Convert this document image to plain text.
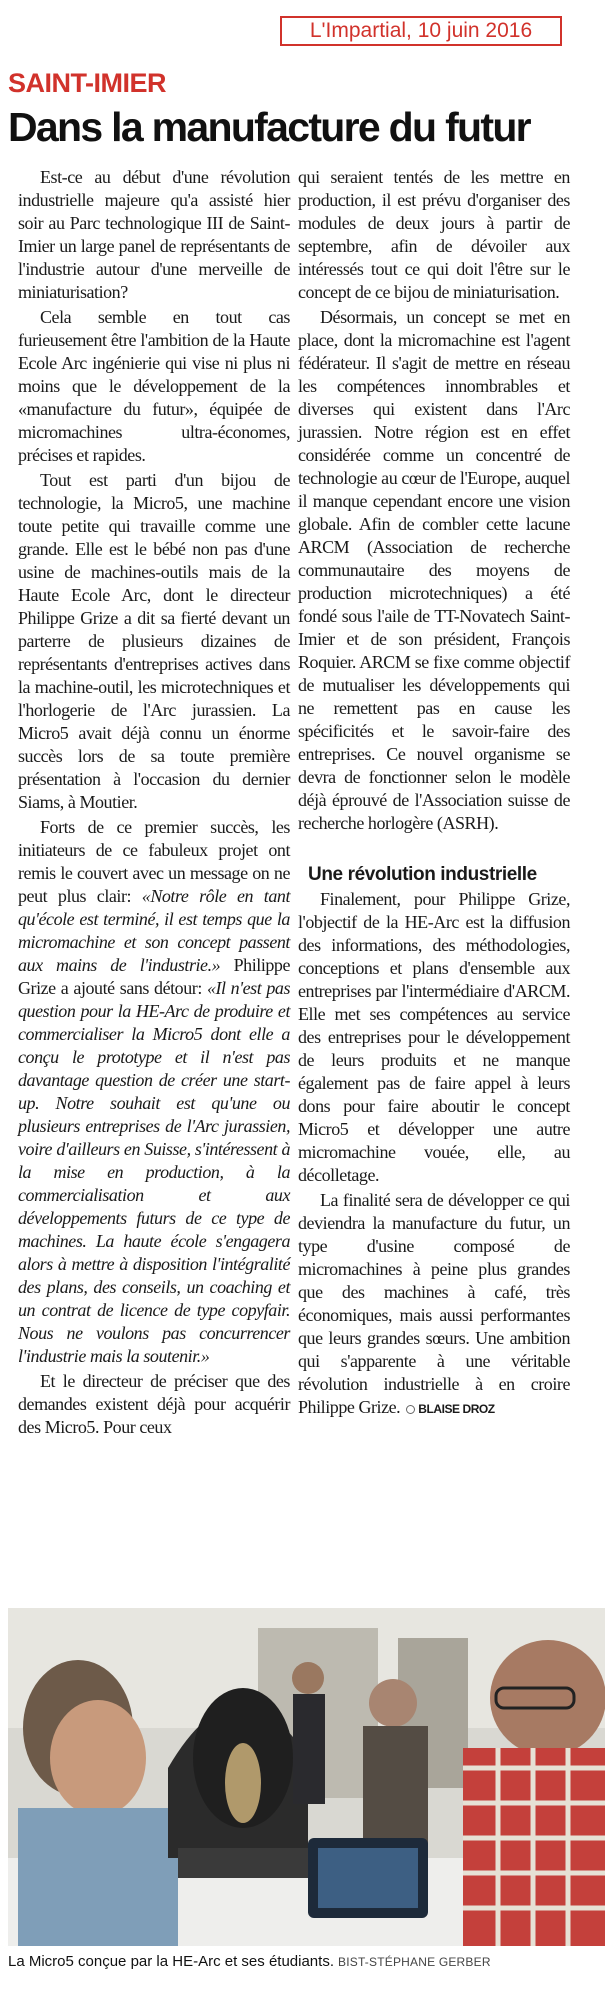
L'Impartial, 10 juin 2016
SAINT-IMIER
Dans la manufacture du futur

Est-ce au début d'une révolution industrielle majeure qu'a assisté hier soir au Parc technologique III de Saint-Imier un large panel de représentants de l'industrie autour d'une merveille de miniaturisation?

Cela semble en tout cas furieusement être l'ambition de la Haute Ecole Arc ingénierie qui vise ni plus ni moins que le développement de la «manufacture du futur», équipée de micromachines ultra-économes, précises et rapides.

Tout est parti d'un bijou de technologie, la Micro5, une machine toute petite qui travaille comme une grande. Elle est le bébé non pas d'une usine de machines-outils mais de la Haute Ecole Arc, dont le directeur Philippe Grize a dit sa fierté devant un parterre de plusieurs dizaines de représentants d'entreprises actives dans la machine-outil, les microtechniques et l'horlogerie de l'Arc jurassien. La Micro5 avait déjà connu un énorme succès lors de sa toute première présentation à l'occasion du dernier Siams, à Moutier.

Forts de ce premier succès, les initiateurs de ce fabuleux projet ont remis le couvert avec un message on ne peut plus clair: «Notre rôle en tant qu'école est terminé, il est temps que la micromachine et son concept passent aux mains de l'industrie.» Philippe Grize a ajouté sans détour: «Il n'est pas question pour la HE-Arc de produire et commercialiser la Micro5 dont elle a conçu le prototype et il n'est pas davantage question de créer une start-up. Notre souhait est qu'une ou plusieurs entreprises de l'Arc jurassien, voire d'ailleurs en Suisse, s'intéressent à la mise en production, à la commercialisation et aux développements futurs de ce type de machines. La haute école s'engagera alors à mettre à disposition l'intégralité des plans, des conseils, un coaching et un contrat de licence de type copyfair. Nous ne voulons pas concurrencer l'industrie mais la soutenir.»

Et le directeur de préciser que des demandes existent déjà pour acquérir des Micro5. Pour ceux

qui seraient tentés de les mettre en production, il est prévu d'organiser des modules de deux jours à partir de septembre, afin de dévoiler aux intéressés tout ce qui doit l'être sur le concept de ce bijou de miniaturisation.

Désormais, un concept se met en place, dont la micromachine est l'agent fédérateur. Il s'agit de mettre en réseau les compétences innombrables et diverses qui existent dans l'Arc jurassien. Notre région est en effet considérée comme un concentré de technologie au cœur de l'Europe, auquel il manque cependant encore une vision globale. Afin de combler cette lacune ARCM (Association de recherche communautaire des moyens de production microtechniques) a été fondé sous l'aile de TT-Novatech Saint-Imier et de son président, François Roquier. ARCM se fixe comme objectif de mutualiser les développements qui ne remettent pas en cause les spécificités et le savoir-faire des entreprises. Ce nouvel organisme se devra de fonctionner selon le modèle déjà éprouvé de l'Association suisse de recherche horlogère (ASRH).

Une révolution industrielle

Finalement, pour Philippe Grize, l'objectif de la HE-Arc est la diffusion des informations, des méthodologies, conceptions et plans d'ensemble aux entreprises par l'intermédiaire d'ARCM. Elle met ses compétences au service des entreprises pour le développement de leurs produits et ne manque également pas de faire appel à leurs dons pour faire aboutir le concept Micro5 et développer une autre micromachine vouée, elle, au décolletage.

La finalité sera de développer ce qui deviendra la manufacture du futur, un type d'usine composé de micromachines à peine plus grandes que des machines à café, très économiques, mais aussi performantes que leurs grandes sœurs. Une ambition qui s'apparente à une véritable révolution industrielle à en croire Philippe Grize. BLAISE DROZ

La Micro5 conçue par la HE-Arc et ses étudiants. BIST-STÉPHANE GERBER
